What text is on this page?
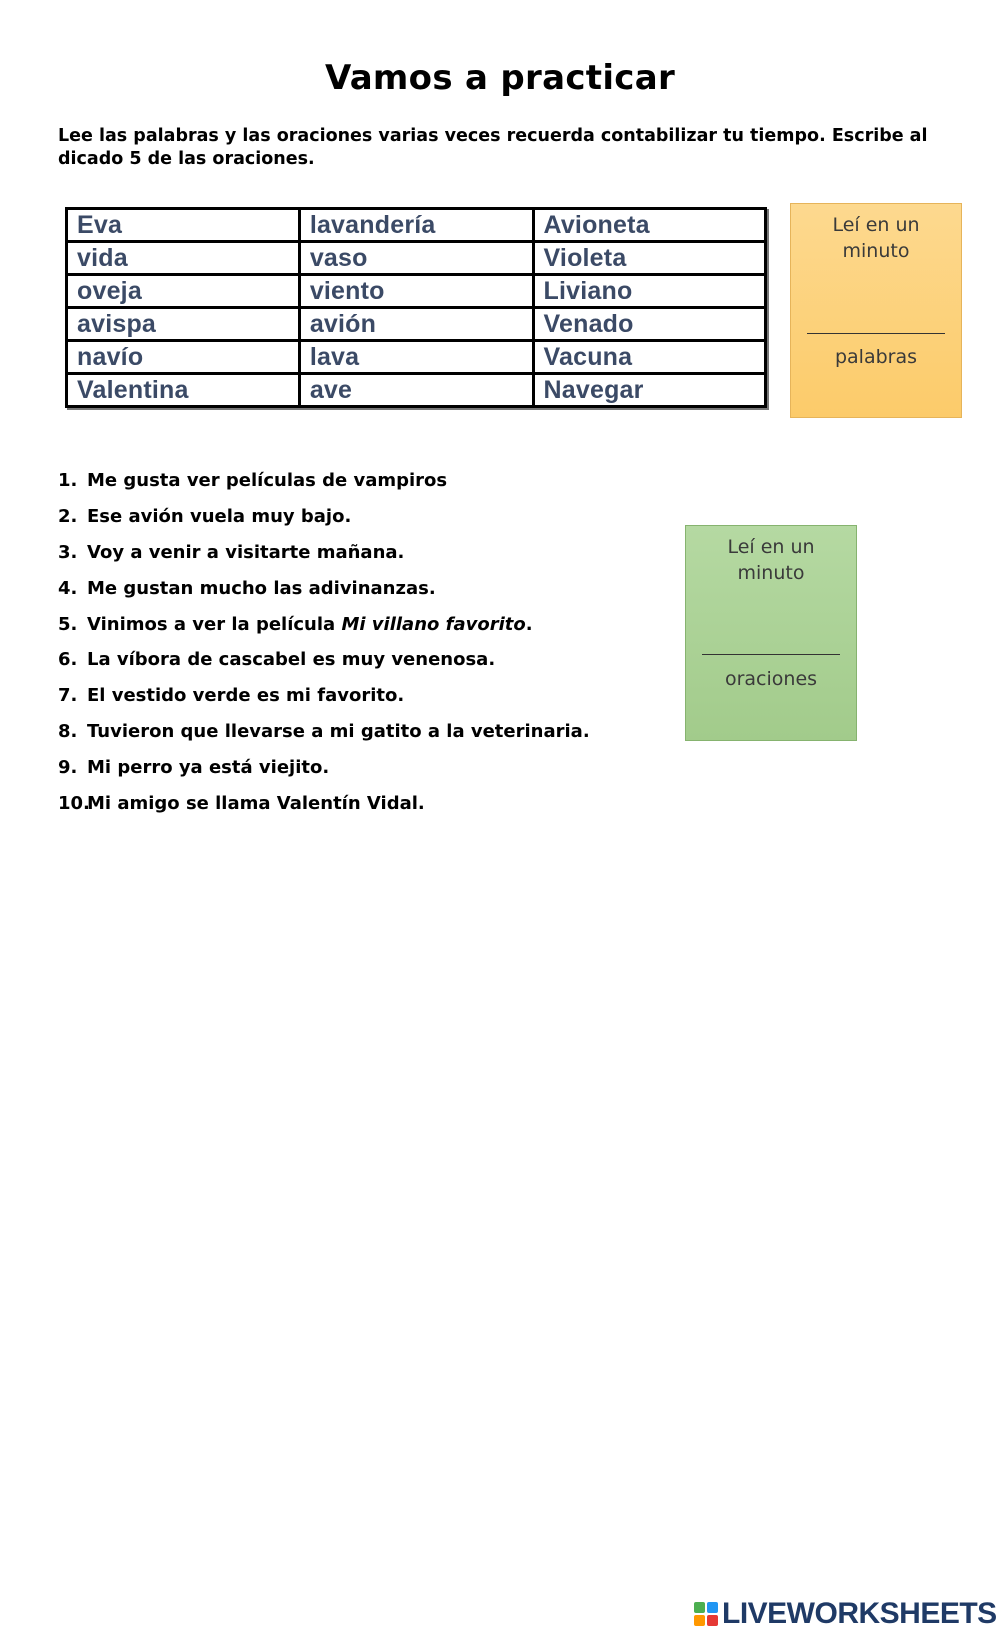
Vamos a practicar
Lee las palabras y las oraciones varias veces recuerda contabilizar tu tiempo. Escribe al dicado 5 de las oraciones.
Eva	lavandería	Avioneta
vida	vaso	Violeta
oveja	viento	Liviano
avispa	avión	Venado
navío	lava	Vacuna
Valentina	ave	Navegar
Leí en un
minuto
palabras
Leí en un
minuto
oraciones
1. Me gusta ver películas de vampiros
2. Ese avión vuela muy bajo.
3. Voy a venir a visitarte mañana.
4. Me gustan mucho las adivinanzas.
5. Vinimos a ver la película Mi villano favorito.
6. La víbora de cascabel es muy venenosa.
7. El vestido verde es mi favorito.
8. Tuvieron que llevarse a mi gatito a la veterinaria.
9. Mi perro ya está viejito.
10.
Mi amigo se llama Valentín Vidal.
LIVEWORKSHEETS
